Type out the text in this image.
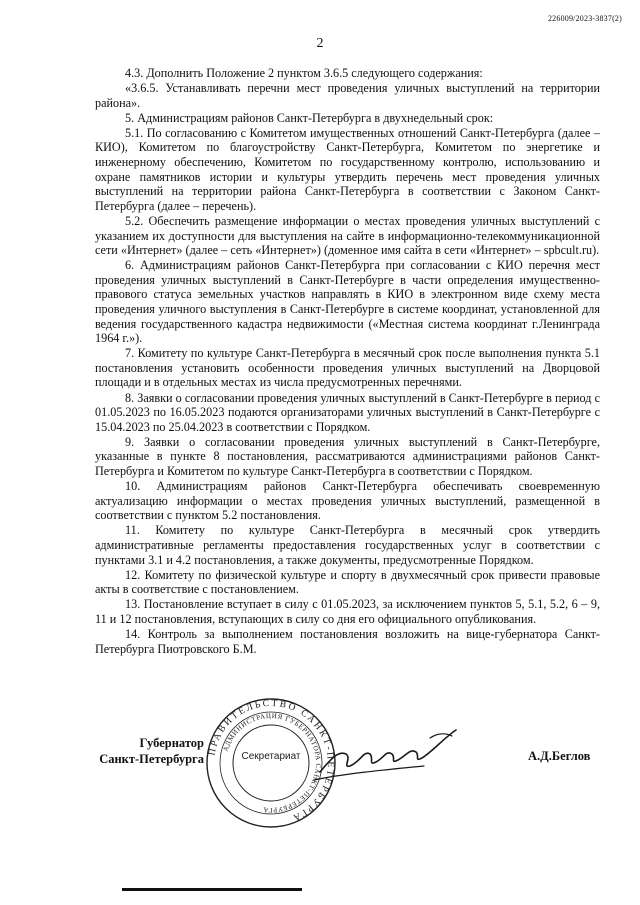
226009/2023-3837(2)
2

4.3. Дополнить Положение 2 пунктом 3.6.5 следующего содержания:

«3.6.5. Устанавливать перечни мест проведения уличных выступлений на территории района».

5. Администрациям районов Санкт-Петербурга в двухнедельный срок:

5.1. По согласованию с Комитетом имущественных отношений Санкт-Петербурга (далее – КИО), Комитетом по благоустройству Санкт-Петербурга, Комитетом по энергетике и инженерному обеспечению, Комитетом по государственному контролю, использованию и охране памятников истории и культуры утвердить перечень мест проведения уличных выступлений на территории района Санкт-Петербурга в соответствии с Законом Санкт-Петербурга (далее – перечень).

5.2. Обеспечить размещение информации о местах проведения уличных выступлений с указанием их доступности для выступления на сайте в информационно-телекоммуникационной сети «Интернет» (далее – сеть «Интернет») (доменное имя сайта в сети «Интернет» – spbcult.ru).

6. Администрациям районов Санкт-Петербурга при согласовании с КИО перечня мест проведения уличных выступлений в Санкт-Петербурге в части определения имущественно-правового статуса земельных участков направлять в КИО в электронном виде схему места проведения уличного выступления в Санкт-Петербурге в системе координат, установленной для ведения государственного кадастра недвижимости («Местная система координат г.Ленинграда 1964 г.»).

7. Комитету по культуре Санкт-Петербурга в месячный срок после выполнения пункта 5.1 постановления установить особенности проведения уличных выступлений на Дворцовой площади и в отдельных местах из числа предусмотренных перечнями.

8. Заявки о согласовании проведения уличных выступлений в Санкт-Петербурге в период с 01.05.2023 по 16.05.2023 подаются организаторами уличных выступлений в Санкт-Петербурге с 15.04.2023 по 25.04.2023 в соответствии с Порядком.

9. Заявки о согласовании проведения уличных выступлений в Санкт-Петербурге, указанные в пункте 8 постановления, рассматриваются администрациями районов Санкт-Петербурга и Комитетом по культуре Санкт-Петербурга в соответствии с Порядком.

10. Администрациям районов Санкт-Петербурга обеспечивать своевременную актуализацию информации о местах проведения уличных выступлений, размещенной в соответствии с пунктом 5.2 постановления.

11. Комитету по культуре Санкт-Петербурга в месячный срок утвердить административные регламенты предоставления государственных услуг в соответствии с пунктами 3.1 и 4.2 постановления, а также документы, предусмотренные Порядком.

12. Комитету по физической культуре и спорту в двухмесячный срок привести правовые акты в соответствие с постановлением.

13. Постановление вступает в силу с 01.05.2023, за исключением пунктов 5, 5.1, 5.2, 6 – 9, 11 и 12 постановления, вступающих в силу со дня его официального опубликования.

14. Контроль за выполнением постановления возложить на вице-губернатора Санкт-Петербурга Пиотровского Б.М.

Губернатор
Санкт-Петербурга
ПРАВИТЕЛЬСТВО САНКТ-ПЕТЕРБУРГА
АДМИНИСТРАЦИЯ ГУБЕРНАТОРА САНКТ-ПЕТЕРБУРГА
Секретариат	А.Д.Беглов
